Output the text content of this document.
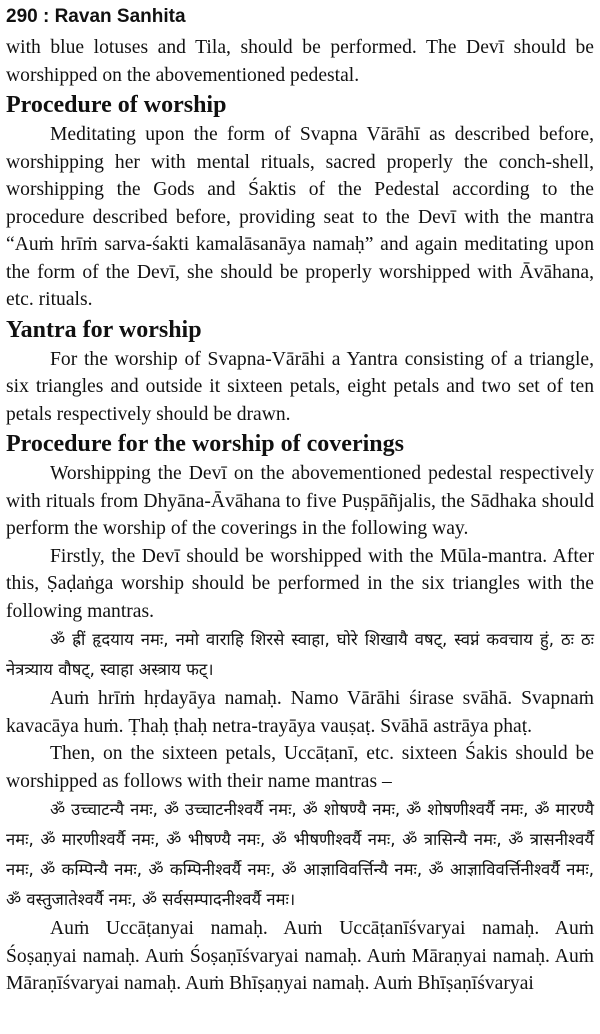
290 : Ravan Sanhita

with blue lotuses and Tila, should be performed. The Devī should be worshipped on the abovementioned pedestal.

Procedure of worship

Meditating upon the form of Svapna Vārāhī as described before, worshipping her with mental rituals, sacred properly the conch-shell, worshipping the Gods and Śaktis of the Pedestal according to the procedure described before, providing seat to the Devī with the mantra “Auṁ hrīṁ sarva-śakti kamalāsanāya namaḥ” and again meditating upon the form of the Devī, she should be properly worshipped with Āvāhana, etc. rituals.

Yantra for worship

For the worship of Svapna-Vārāhi a Yantra consisting of a triangle, six triangles and outside it sixteen petals, eight petals and two set of ten petals respectively should be drawn.

Procedure for the worship of coverings

Worshipping the Devī on the abovementioned pedestal respectively with rituals from Dhyāna-Āvāhana to five Puṣpāñjalis, the Sādhaka should perform the worship of the coverings in the following way.

Firstly, the Devī should be worshipped with the Mūla-mantra. After this, Ṣaḍaṅga worship should be performed in the six triangles with the following mantras.

ॐ ह्रीं हृदयाय नमः, नमो वाराहि शिरसे स्वाहा, घोरे शिखायै वषट्, स्वप्नं कवचाय हुं, ठः ठः नेत्रत्र्याय वौषट्, स्वाहा अस्त्राय फट्।

Auṁ hrīṁ hṛdayāya namaḥ. Namo Vārāhi śirase svāhā. Svapnaṁ kavacāya huṁ. Ṭhaḥ ṭhaḥ netra-trayāya vauṣaṭ. Svāhā astrāya phaṭ.

Then, on the sixteen petals, Uccāṭanī, etc. sixteen Śakis should be worshipped as follows with their name mantras –

ॐ उच्चाटन्यै नमः, ॐ उच्चाटनीश्वर्यै नमः, ॐ शोषण्यै नमः, ॐ शोषणीश्वर्यै नमः, ॐ मारण्यै नमः, ॐ मारणीश्वर्यै नमः, ॐ भीषण्यै नमः, ॐ भीषणीश्वर्यै नमः, ॐ त्रासिन्यै नमः, ॐ त्रासनीश्वर्यै नमः, ॐ कम्पिन्यै नमः, ॐ कम्पिनीश्वर्यै नमः, ॐ आज्ञाविवर्त्तिन्यै नमः, ॐ आज्ञाविवर्त्तिनीश्वर्यै नमः, ॐ वस्तुजातेश्वर्यै नमः, ॐ सर्वसम्पादनीश्वर्यै नमः।

Auṁ Uccāṭanyai namaḥ. Auṁ Uccāṭanīśvaryai namaḥ. Auṁ Śoṣaṇyai namaḥ. Auṁ Śoṣaṇīśvaryai namaḥ. Auṁ Māraṇyai namaḥ. Auṁ Māraṇīśvaryai namaḥ. Auṁ Bhīṣaṇyai namaḥ. Auṁ Bhīṣaṇīśvaryai
